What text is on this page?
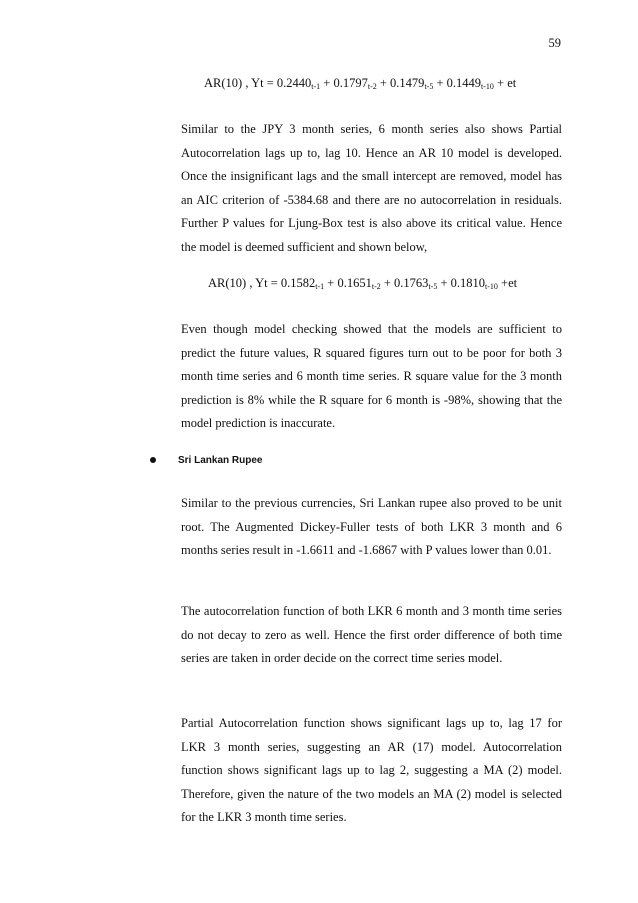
59
AR(10) , $Yt = 0.2440_{t-1} + 0.1797_{t-2} + 0.1479_{t-5} + 0.1449_{t-10}$ + et

Similar to the JPY 3 month series, 6 month series also shows Partial Autocorrelation lags up to, lag 10. Hence an AR 10 model is developed. Once the insignificant lags and the small intercept are removed, model has an AIC criterion of -5384.68 and there are no autocorrelation in residuals. Further P values for Ljung-Box test is also above its critical value. Hence the model is deemed sufficient and shown below,

AR(10) , $Yt = 0.1582_{t-1} + 0.1651_{t-2} + 0.1763_{t-5} + 0.1810_{t-10} +et$

Even though model checking showed that the models are sufficient to predict the future values, R squared figures turn out to be poor for both 3 month time series and 6 month time series. R square value for the 3 month prediction is 8% while the R square for 6 month is -98%, showing that the model prediction is inaccurate.

Sri Lankan Rupee

Similar to the previous currencies, Sri Lankan rupee also proved to be unit root. The Augmented Dickey-Fuller tests of both LKR 3 month and 6 months series result in -1.6611 and -1.6867 with P values lower than 0.01.

The autocorrelation function of both LKR 6 month and 3 month time series do not decay to zero as well. Hence the first order difference of both time series are taken in order decide on the correct time series model.

Partial Autocorrelation function shows significant lags up to, lag 17 for LKR 3 month series, suggesting an AR (17) model. Autocorrelation function shows significant lags up to lag 2, suggesting a MA (2) model. Therefore, given the nature of the two models an MA (2) model is selected for the LKR 3 month time series.
